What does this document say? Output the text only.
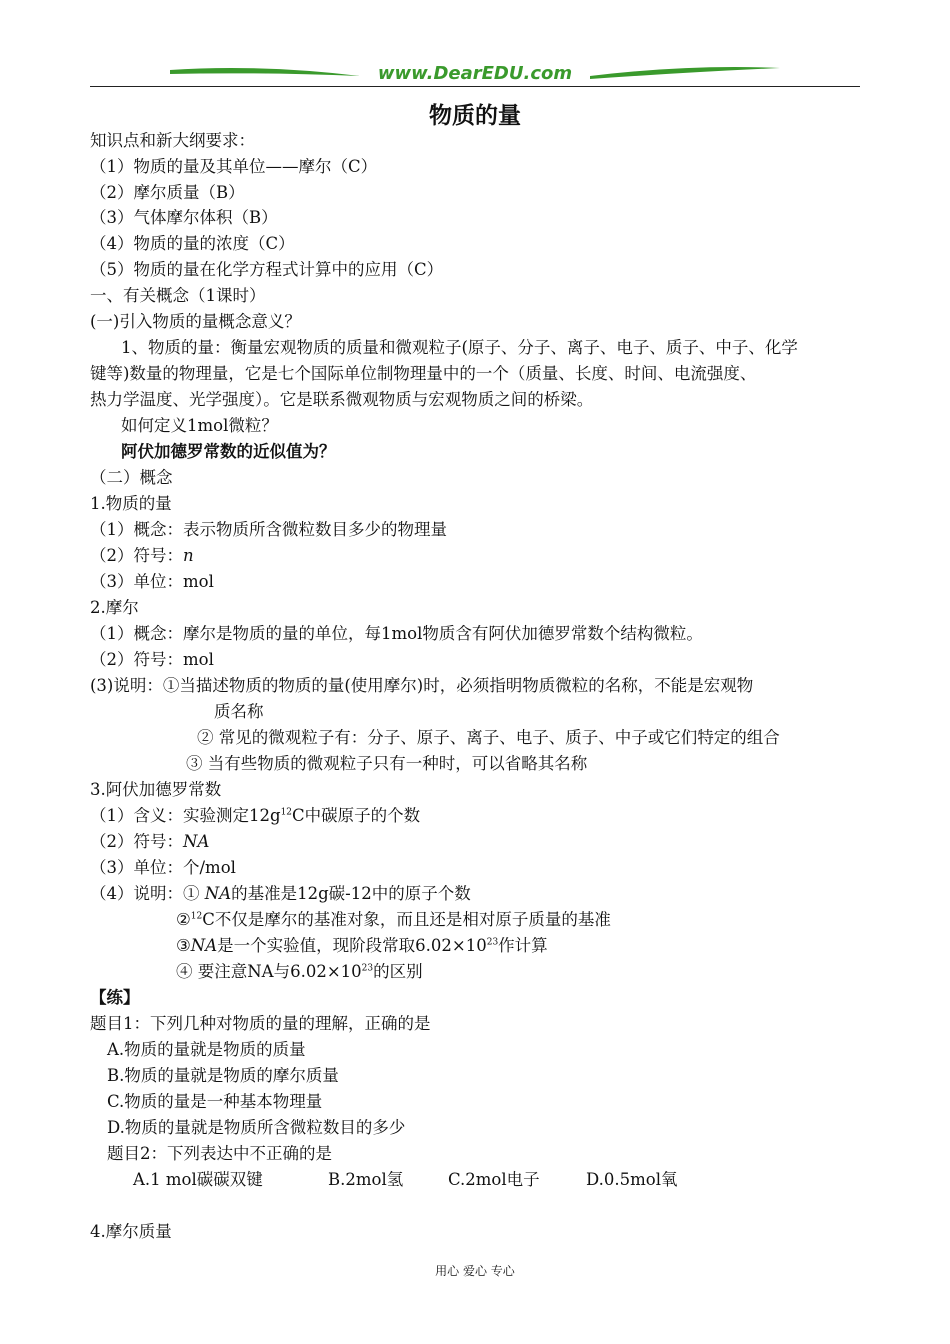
www.DearEDU.com
物质的量
知识点和新大纲要求：
（1）物质的量及其单位——摩尔（C）
（2）摩尔质量（B）
（3）气体摩尔体积（B）
（4）物质的量的浓度（C）
（5）物质的量在化学方程式计算中的应用（C）
一、有关概念（1课时）
(一)引入物质的量概念意义？
1、物质的量：衡量宏观物质的质量和微观粒子(原子、分子、离子、电子、质子、中子、化学
键等)数量的物理量，它是七个国际单位制物理量中的一个（质量、长度、时间、电流强度、
热力学温度、光学强度）。它是联系微观物质与宏观物质之间的桥梁。
如何定义1mol微粒？
阿伏加德罗常数的近似值为？
（二）概念
1.物质的量
（1）概念：表示物质所含微粒数目多少的物理量
（2）符号：n
（3）单位：mol
2.摩尔
（1）概念：摩尔是物质的量的单位，每1mol物质含有阿伏加德罗常数个结构微粒。
（2）符号：mol
(3)说明：①当描述物质的物质的量(使用摩尔)时，必须指明物质微粒的名称，不能是宏观物
质名称
② 常见的微观粒子有：分子、原子、离子、电子、质子、中子或它们特定的组合
③ 当有些物质的微观粒子只有一种时，可以省略其名称
3.阿伏加德罗常数
（1）含义：实验测定$12g^{12}C$中碳原子的个数
（2）符号：NA
（3）单位：个/mol
（4）说明：① NA的基准是12g碳-12中的原子个数
②$^{12}$C不仅是摩尔的基准对象，而且还是相对原子质量的基准
③NA是一个实验值，现阶段常取$6.02\times 10^{23}$作计算
④ 要注意NA与$6.02\times 10^{23}$的区别
【练】
题目1：下列几种对物质的量的理解，正确的是
A.物质的量就是物质的质量
B.物质的量就是物质的摩尔质量
C.物质的量是一种基本物理量
D.物质的量就是物质所含微粒数目的多少
题目2：下列表达中不正确的是
A.1 mol碳碳双键	B.2mol氢	C.2mol电子	D.0.5mol氧
4.摩尔质量
用心 爱心 专心
